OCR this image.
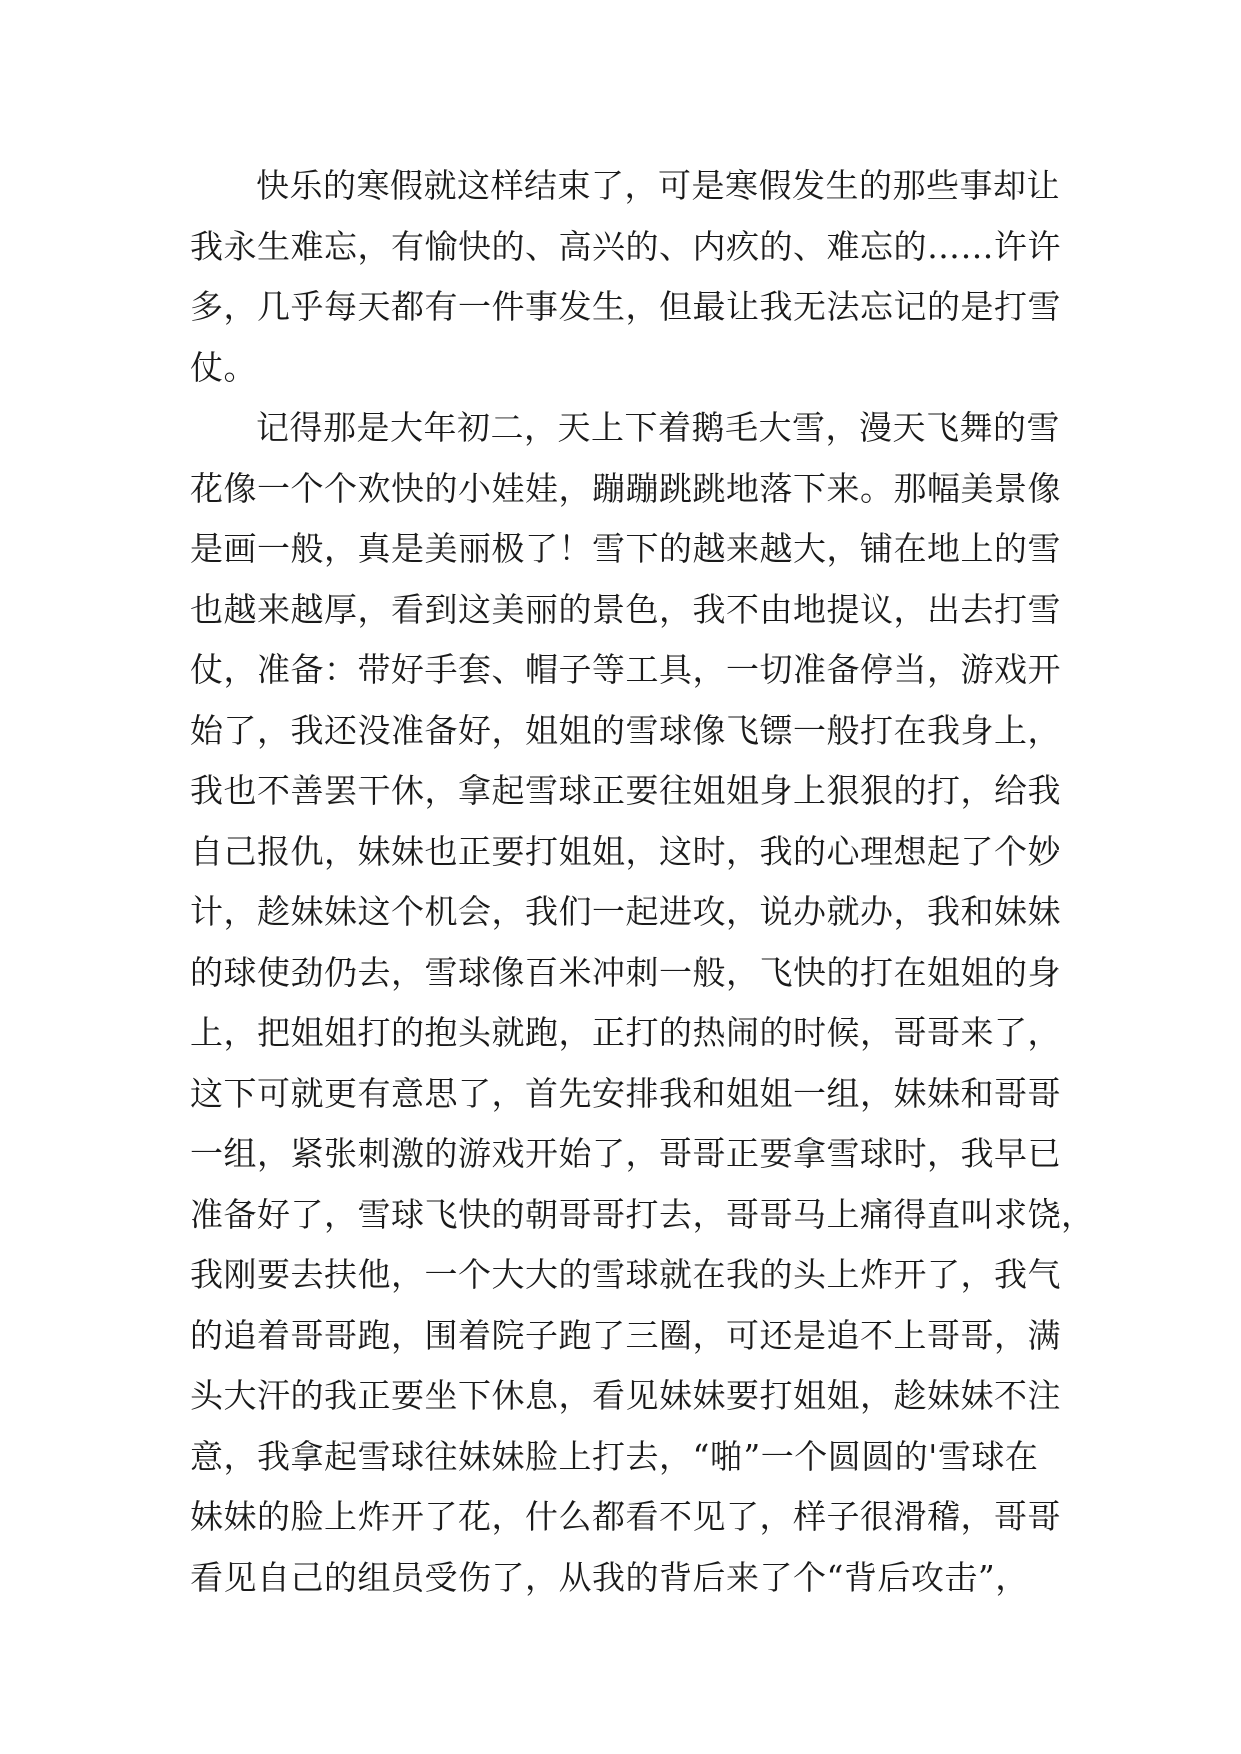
快乐的寒假就这样结束了，可是寒假发生的那些事却让
我永生难忘，有愉快的、高兴的、内疚的、难忘的……许许
多，几乎每天都有一件事发生，但最让我无法忘记的是打雪
仗。
记得那是大年初二，天上下着鹅毛大雪，漫天飞舞的雪
花像一个个欢快的小娃娃，蹦蹦跳跳地落下来。那幅美景像
是画一般，真是美丽极了！雪下的越来越大，铺在地上的雪
也越来越厚，看到这美丽的景色，我不由地提议，出去打雪
仗，准备：带好手套、帽子等工具，一切准备停当，游戏开
始了，我还没准备好，姐姐的雪球像飞镖一般打在我身上，
我也不善罢干休，拿起雪球正要往姐姐身上狠狠的打，给我
自己报仇，妹妹也正要打姐姐，这时，我的心理想起了个妙
计，趁妹妹这个机会，我们一起进攻，说办就办，我和妹妹
的球使劲仍去，雪球像百米冲刺一般，飞快的打在姐姐的身
上，把姐姐打的抱头就跑，正打的热闹的时候，哥哥来了，
这下可就更有意思了，首先安排我和姐姐一组，妹妹和哥哥
一组，紧张刺激的游戏开始了，哥哥正要拿雪球时，我早已
准备好了，雪球飞快的朝哥哥打去，哥哥马上痛得直叫求饶，
我刚要去扶他，一个大大的雪球就在我的头上炸开了，我气
的追着哥哥跑，围着院子跑了三圈，可还是追不上哥哥，满
头大汗的我正要坐下休息，看见妹妹要打姐姐，趁妹妹不注
意，我拿起雪球往妹妹脸上打去，“啪”一个圆圆的'雪球在
妹妹的脸上炸开了花，什么都看不见了，样子很滑稽，哥哥
看见自己的组员受伤了，从我的背后来了个“背后攻击”，
